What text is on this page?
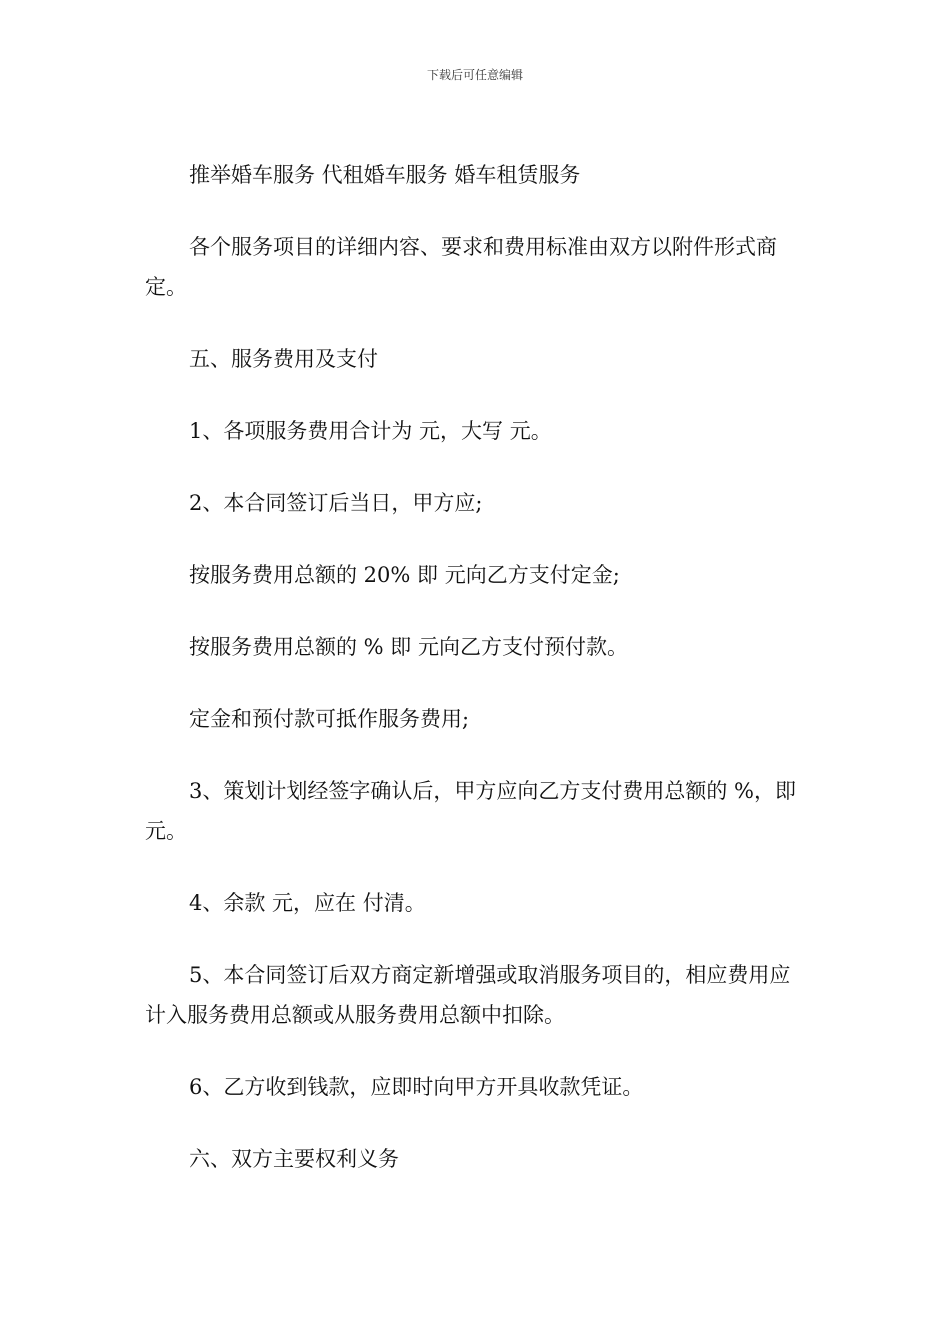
下载后可任意编辑

推举婚车服务 代租婚车服务 婚车租赁服务

各个服务项目的详细内容、要求和费用标准由双方以附件形式商定。

五、服务费用及支付

1、各项服务费用合计为 元，大写 元。

2、本合同签订后当日，甲方应;

按服务费用总额的 20% 即 元向乙方支付定金;

按服务费用总额的 % 即 元向乙方支付预付款。

定金和预付款可抵作服务费用;

3、策划计划经签字确认后，甲方应向乙方支付费用总额的 %，即 元。

4、余款 元，应在 付清。

5、本合同签订后双方商定新增强或取消服务项目的，相应费用应计入服务费用总额或从服务费用总额中扣除。

6、乙方收到钱款，应即时向甲方开具收款凭证。

六、双方主要权利义务
